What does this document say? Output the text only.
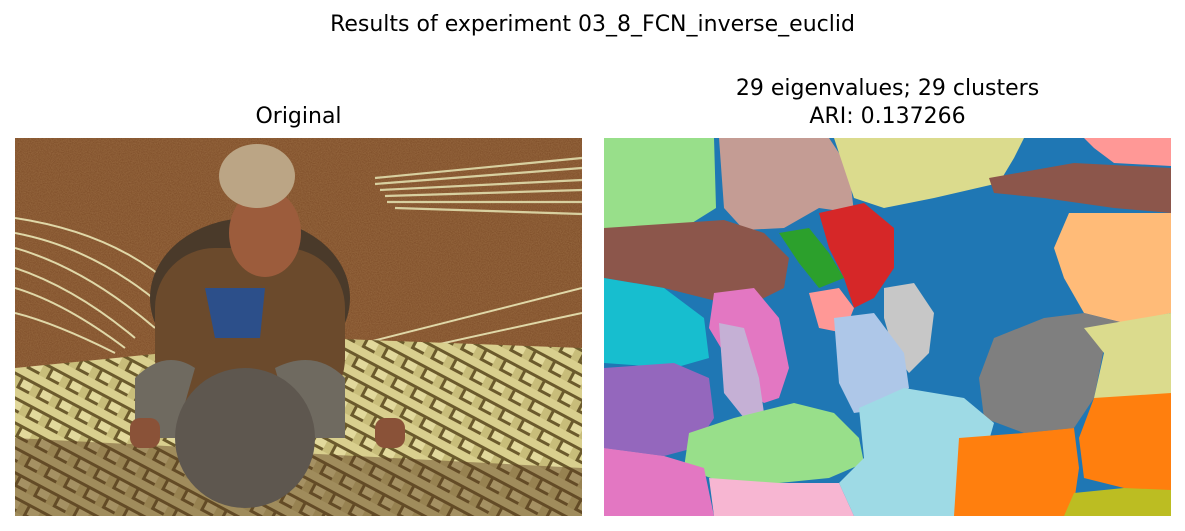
Results of experiment 03_8_FCN_inverse_euclid
Original
29 eigenvalues; 29 clusters
ARI: 0.137266
